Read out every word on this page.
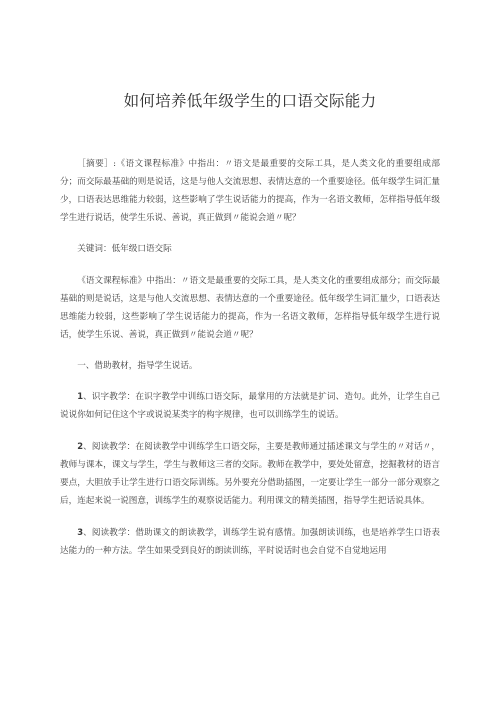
如何培养低年级学生的口语交际能力

［摘要］:《语文课程标准》中指出：〃语文是最重要的交际工具，是人类文化的重要组成部分；而交际最基础的则是说话，这是与他人交流思想、表情达意的一个重要途径。低年级学生词汇量少，口语表达思维能力较弱，这些影响了学生说话能力的提高，作为一名语文教师，怎样指导低年级学生进行说话，使学生乐说、善说，真正做到〃能说会道〃呢？

关键词：低年级口语交际

《语文课程标准》中指出：〃语文是最重要的交际工具，是人类文化的重要组成部分；而交际最基础的则是说话，这是与他人交流思想、表情达意的一个重要途径。低年级学生词汇量少，口语表达思维能力较弱，这些影响了学生说话能力的提高，作为一名语文教师，怎样指导低年级学生进行说话，使学生乐说、善说，真正做到〃能说会道〃呢？

一、借助教材，指导学生说话。

1、识字教学：在识字教学中训练口语交际，最掌用的方法就是扩词、造句。此外，让学生自己说说你如何记住这个字或说说某类字的构字规律，也可以训练学生的说话。

2、阅读教学：在阅读教学中训练学生口语交际，主要是教师通过插述课文与学生的〃对话〃，教师与课本，课文与学生，学生与教师这三者的交际。教师在教学中，要处处留意，挖掘教材的语言要点，大胆放手让学生进行口语交际训练。另外要充分借助插图，一定要让学生一部分一部分观察之后，连起来说一说图意，训练学生的观察说话能力。利用课文的精美插图，指导学生把话说具体。

3、阅读教学：借助课文的朗读教学，训练学生说有感情。加强朗读训练，也是培养学生口语表达能力的一种方法。学生如果受到良好的朗读训练，平时说话时也会自觉不自觉地运用
